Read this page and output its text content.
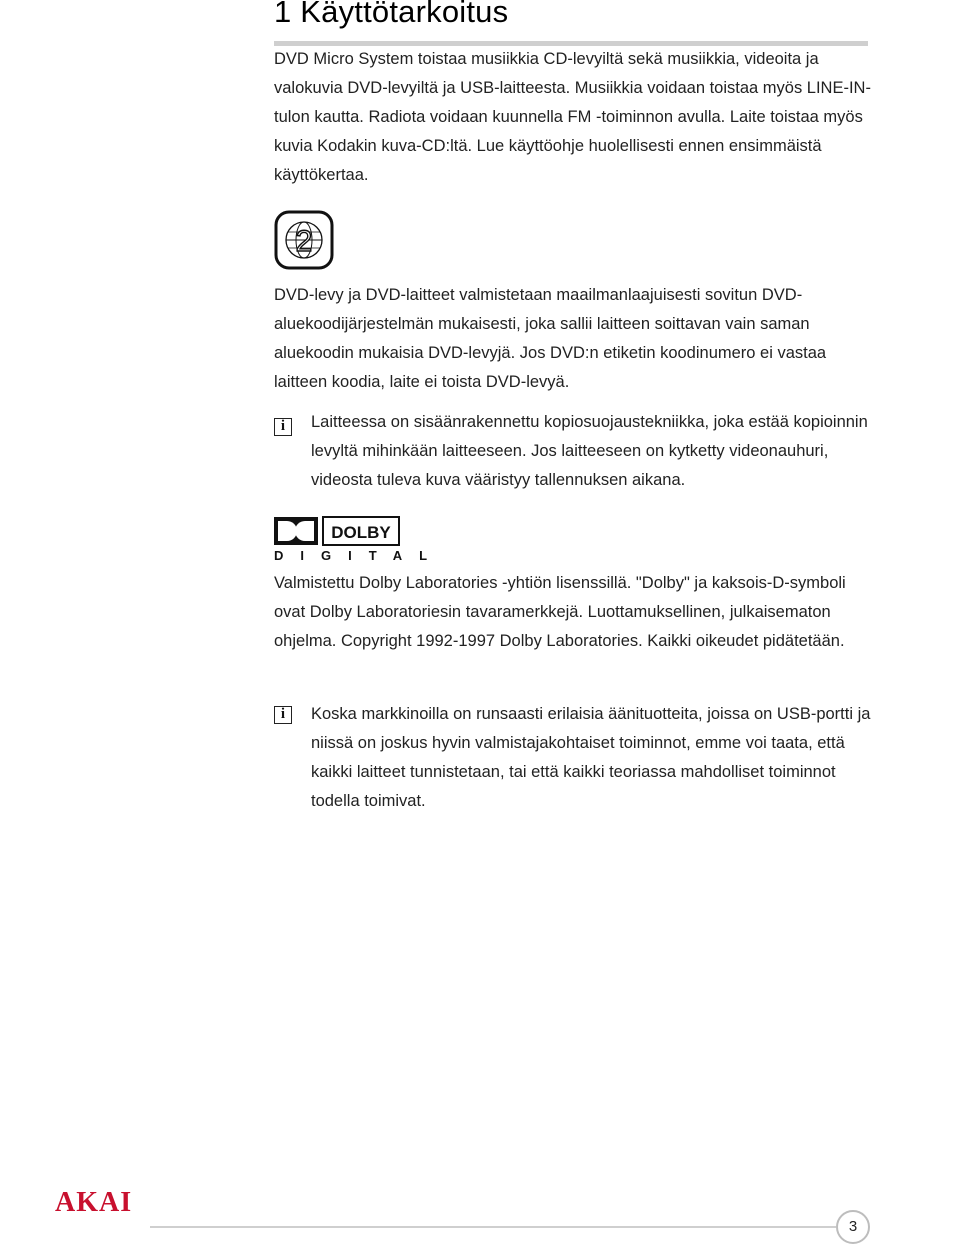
1 Käyttötarkoitus

DVD Micro System toistaa musiikkia CD-levyiltä sekä musiikkia, videoita ja valokuvia DVD-levyiltä ja USB-laitteesta. Musiikkia voidaan toistaa myös LINE-IN-tulon kautta. Radiota voidaan kuunnella FM -toiminnon avulla. Laite toistaa myös kuvia Kodakin kuva-CD:ltä. Lue käyttöohje huolellisesti ennen ensimmäistä käyttökertaa.

2

DVD-levy ja DVD-laitteet valmistetaan maailmanlaajuisesti sovitun DVD-aluekoodijärjestelmän mukaisesti, joka sallii laitteen soittavan vain saman aluekoodin mukaisia DVD-levyjä. Jos DVD:n etiketin koodinumero ei vastaa laitteen koodia, laite ei toista DVD-levyä.

i	Laitteessa on sisäänrakennettu kopiosuojaustekniikka, joka estää kopioinnin levyltä mihinkään laitteeseen. Jos laitteeseen on kytketty videonauhuri, videosta tuleva kuva vääristyy tallennuksen aikana.

DOLBY
DIGITAL

Valmistettu Dolby Laboratories -yhtiön lisenssillä. "Dolby" ja kaksois-D-symboli ovat Dolby Laboratoriesin tavaramerkkejä. Luottamuksellinen, julkaisematon ohjelma. Copyright 1992-1997 Dolby Laboratories. Kaikki oikeudet pidätetään.

i	Koska markkinoilla on runsaasti erilaisia äänituotteita, joissa on USB-portti ja niissä on joskus hyvin valmistajakohtaiset toiminnot, emme voi taata, että kaikki laitteet tunnistetaan, tai että kaikki teoriassa mahdolliset toiminnot todella toimivat.

AKAI
3
